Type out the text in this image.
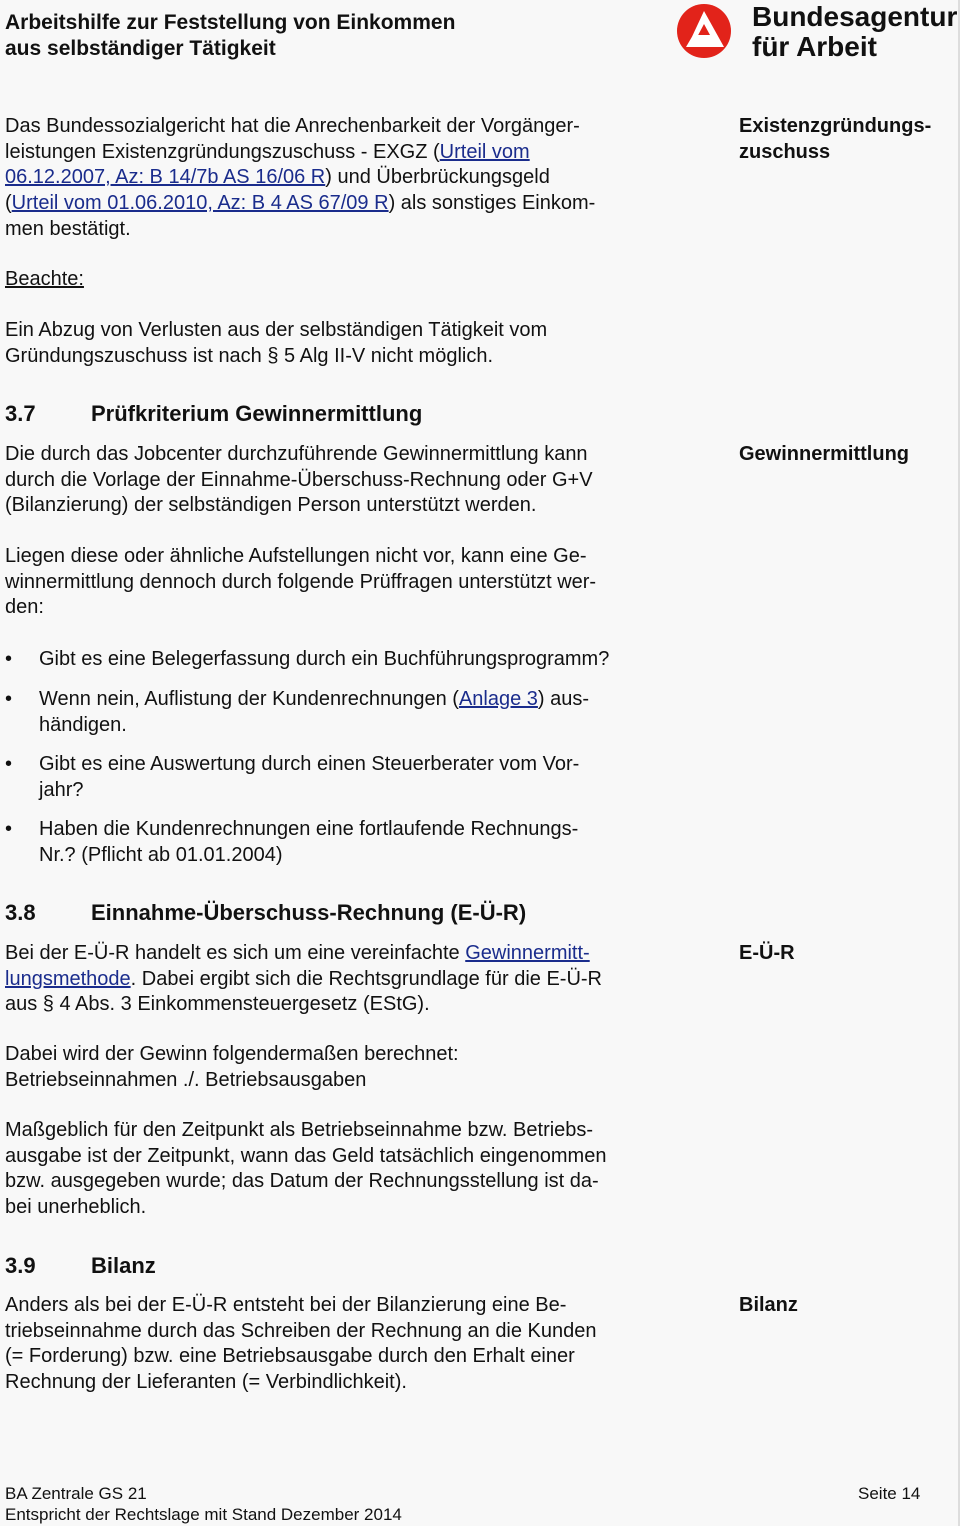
Arbeitshilfe zur Feststellung von Einkommen
aus selbständiger Tätigkeit
Bundesagentur
für Arbeit
Das Bundessozialgericht hat die Anrechenbarkeit der Vorgänger-
leistungen Existenzgründungszuschuss - EXGZ (Urteil vom
06.12.2007, Az: B 14/7b AS 16/06 R) und Überbrückungsgeld
(Urteil vom 01.06.2010, Az: B 4 AS 67/09 R) als sonstiges Einkom-
men bestätigt.
Existenzgründungs-
zuschuss
Beachte:
Ein Abzug von Verlusten aus der selbständigen Tätigkeit vom
Gründungszuschuss ist nach § 5 Alg II-V nicht möglich.
3.7	Prüfkriterium Gewinnermittlung
Die durch das Jobcenter durchzuführende Gewinnermittlung kann
durch die Vorlage der Einnahme-Überschuss-Rechnung oder G+V
(Bilanzierung) der selbständigen Person unterstützt werden.
Gewinnermittlung
Liegen diese oder ähnliche Aufstellungen nicht vor, kann eine Ge-
winnermittlung dennoch durch folgende Prüffragen unterstützt wer-
den:
• Gibt es eine Belegerfassung durch ein Buchführungsprogramm?
• Wenn nein, Auflistung der Kundenrechnungen (Anlage 3) aus-
händigen.
• Gibt es eine Auswertung durch einen Steuerberater vom Vor-
jahr?
• Haben die Kundenrechnungen eine fortlaufende Rechnungs-
Nr.? (Pflicht ab 01.01.2004)
3.8	Einnahme-Überschuss-Rechnung (E-Ü-R)
Bei der E-Ü-R handelt es sich um eine vereinfachte Gewinnermitt-
lungsmethode. Dabei ergibt sich die Rechtsgrundlage für die E-Ü-R
aus § 4 Abs. 3 Einkommensteuergesetz (EStG).
E-Ü-R
Dabei wird der Gewinn folgendermaßen berechnet:
Betriebseinnahmen ./. Betriebsausgaben
Maßgeblich für den Zeitpunkt als Betriebseinnahme bzw. Betriebs-
ausgabe ist der Zeitpunkt, wann das Geld tatsächlich eingenommen
bzw. ausgegeben wurde; das Datum der Rechnungsstellung ist da-
bei unerheblich.
3.9	Bilanz
Anders als bei der E-Ü-R entsteht bei der Bilanzierung eine Be-
triebseinnahme durch das Schreiben der Rechnung an die Kunden
(= Forderung) bzw. eine Betriebsausgabe durch den Erhalt einer
Rechnung der Lieferanten (= Verbindlichkeit).
Bilanz
BA Zentrale GS 21	Seite 14
Entspricht der Rechtslage mit Stand Dezember 2014
